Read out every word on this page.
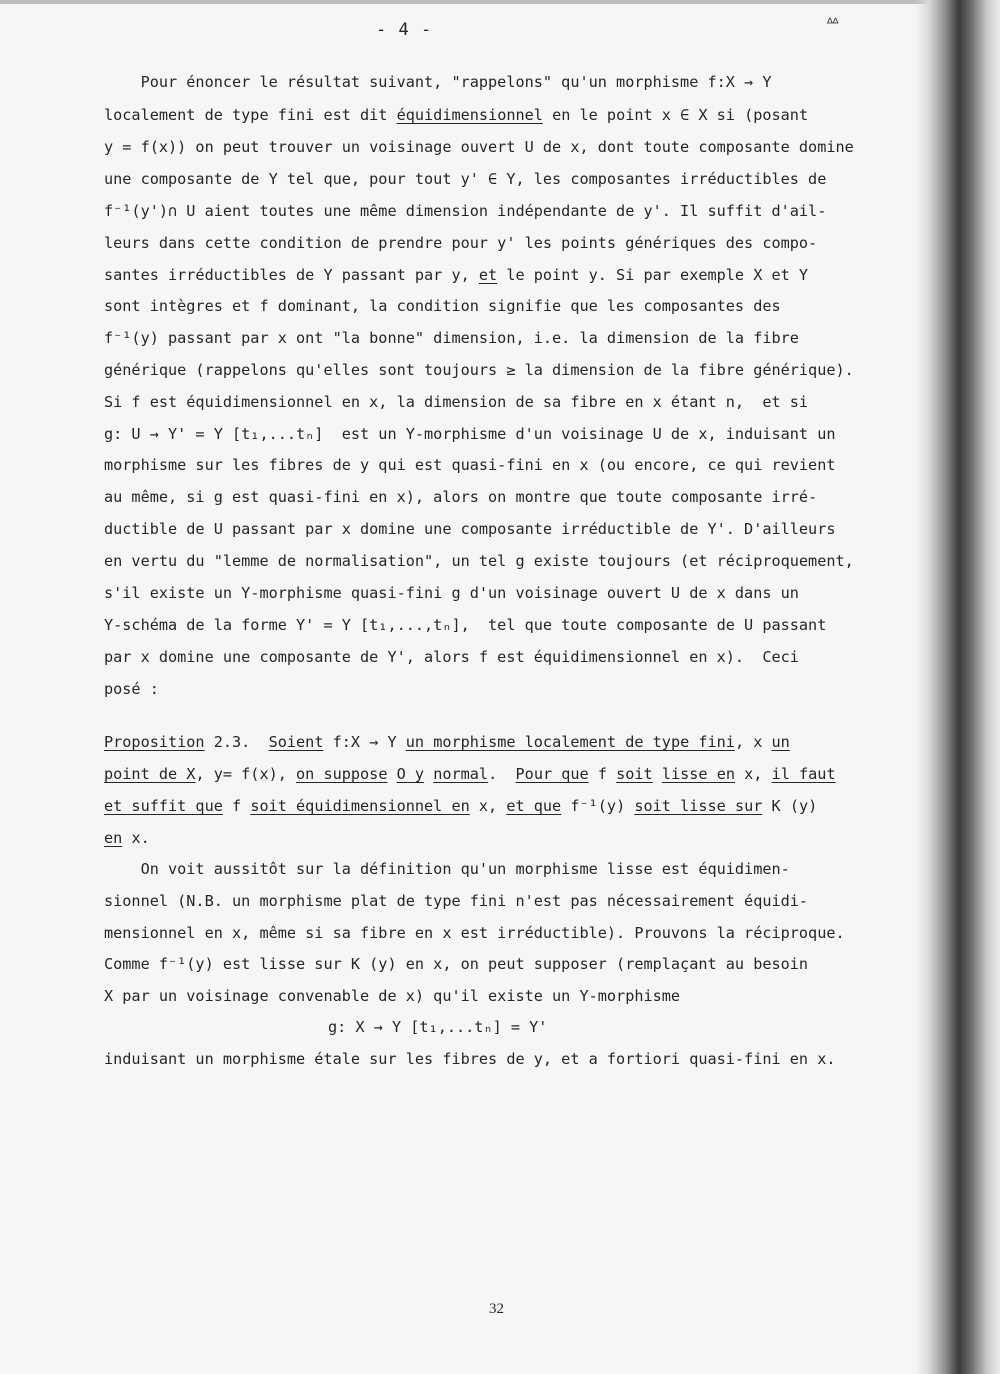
- 4 -	ᐞᐞ
Pour énoncer le résultat suivant, "rappelons" qu'un morphisme f:X → Y
localement de type fini est dit équidimensionnel en le point x ∈ X si (posant
y = f(x)) on peut trouver un voisinage ouvert U de x, dont toute composante domine
une composante de Y tel que, pour tout y' ∈ Y, les composantes irréductibles de
f⁻¹(y')∩ U aient toutes une même dimension indépendante de y'. Il suffit d'ail-
leurs dans cette condition de prendre pour y' les points génériques des compo-
santes irréductibles de Y passant par y, et le point y. Si par exemple X et Y
sont intègres et f dominant, la condition signifie que les composantes des
f⁻¹(y) passant par x ont "la bonne" dimension, i.e. la dimension de la fibre
générique (rappelons qu'elles sont toujours ≥ la dimension de la fibre générique).
Si f est équidimensionnel en x, la dimension de sa fibre en x étant n,  et si
g: U → Y' = Y [t₁,...tₙ]  est un Y-morphisme d'un voisinage U de x, induisant un
morphisme sur les fibres de y qui est quasi-fini en x (ou encore, ce qui revient
au même, si g est quasi-fini en x), alors on montre que toute composante irré-
ductible de U passant par x domine une composante irréductible de Y'. D'ailleurs
en vertu du "lemme de normalisation", un tel g existe toujours (et réciproquement,
s'il existe un Y-morphisme quasi-fini g d'un voisinage ouvert U de x dans un
Y-schéma de la forme Y' = Y [t₁,...,tₙ],  tel que toute composante de U passant
par x domine une composante de Y', alors f est équidimensionnel en x).  Ceci
posé :
Proposition 2.3.  Soient f:X → Y un morphisme localement de type fini, x un
point de X, y= f(x), on suppose O_y normal.  Pour que f soit lisse en x, il faut
et suffit que f soit équidimensionnel en x, et que f⁻¹(y) soit lisse sur K (y)
en x.
On voit aussitôt sur la définition qu'un morphisme lisse est équidimen-
sionnel (N.B. un morphisme plat de type fini n'est pas nécessairement équidi-
mensionnel en x, même si sa fibre en x est irréductible). Prouvons la réciproque.
Comme f⁻¹(y) est lisse sur K (y) en x, on peut supposer (remplaçant au besoin
X par un voisinage convenable de x) qu'il existe un Y-morphisme
g: X → Y [t₁,...tₙ] = Y'
induisant un morphisme étale sur les fibres de y, et a fortiori quasi-fini en x.
32
